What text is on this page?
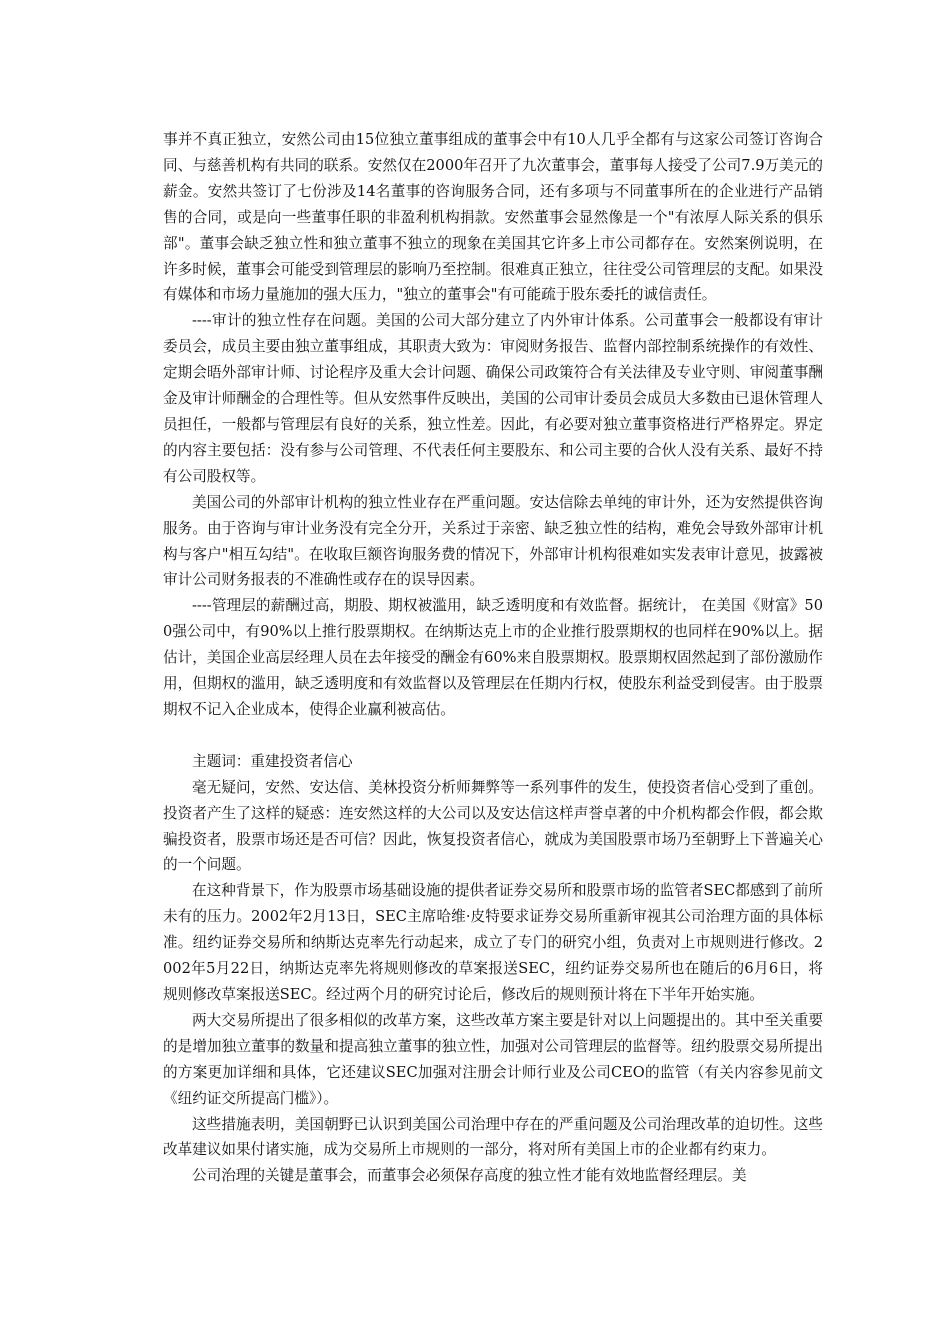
事并不真正独立，安然公司由15位独立董事组成的董事会中有10人几乎全都有与这家公司签订咨询合同、与慈善机构有共同的联系。安然仅在2000年召开了九次董事会，董事每人接受了公司7.9万美元的薪金。安然共签订了七份涉及14名董事的咨询服务合同，还有多项与不同董事所在的企业进行产品销售的合同，或是向一些董事任职的非盈利机构捐款。安然董事会显然像是一个"有浓厚人际关系的俱乐部"。董事会缺乏独立性和独立董事不独立的现象在美国其它许多上市公司都存在。安然案例说明，在许多时候，董事会可能受到管理层的影响乃至控制。很难真正独立，往往受公司管理层的支配。如果没有媒体和市场力量施加的强大压力，"独立的董事会"有可能疏于股东委托的诚信责任。

----审计的独立性存在问题。美国的公司大部分建立了内外审计体系。公司董事会一般都设有审计委员会，成员主要由独立董事组成，其职责大致为：审阅财务报告、监督内部控制系统操作的有效性、定期会晤外部审计师、讨论程序及重大会计问题、确保公司政策符合有关法律及专业守则、审阅董事酬金及审计师酬金的合理性等。但从安然事件反映出，美国的公司审计委员会成员大多数由已退休管理人员担任，一般都与管理层有良好的关系，独立性差。因此，有必要对独立董事资格进行严格界定。界定的内容主要包括：没有参与公司管理、不代表任何主要股东、和公司主要的合伙人没有关系、最好不持有公司股权等。

美国公司的外部审计机构的独立性业存在严重问题。安达信除去单纯的审计外，还为安然提供咨询服务。由于咨询与审计业务没有完全分开，关系过于亲密、缺乏独立性的结构，难免会导致外部审计机构与客户"相互勾结"。在收取巨额咨询服务费的情况下，外部审计机构很难如实发表审计意见，披露被审计公司财务报表的不准确性或存在的误导因素。

----管理层的薪酬过高，期股、期权被滥用，缺乏透明度和有效监督。据统计， 在美国《财富》500强公司中，有90%以上推行股票期权。在纳斯达克上市的企业推行股票期权的也同样在90%以上。据估计，美国企业高层经理人员在去年接受的酬金有60%来自股票期权。股票期权固然起到了部份激励作用，但期权的滥用，缺乏透明度和有效监督以及管理层在任期内行权，使股东利益受到侵害。由于股票期权不记入企业成本，使得企业赢利被高估。

主题词：重建投资者信心

毫无疑问，安然、安达信、美林投资分析师舞弊等一系列事件的发生，使投资者信心受到了重创。投资者产生了这样的疑惑：连安然这样的大公司以及安达信这样声誉卓著的中介机构都会作假，都会欺骗投资者，股票市场还是否可信？因此，恢复投资者信心，就成为美国股票市场乃至朝野上下普遍关心的一个问题。

在这种背景下，作为股票市场基础设施的提供者证券交易所和股票市场的监管者SEC都感到了前所未有的压力。2002年2月13日，SEC主席哈维·皮特要求证券交易所重新审视其公司治理方面的具体标准。纽约证券交易所和纳斯达克率先行动起来，成立了专门的研究小组，负责对上市规则进行修改。2002年5月22日，纳斯达克率先将规则修改的草案报送SEC，纽约证券交易所也在随后的6月6日，将规则修改草案报送SEC。经过两个月的研究讨论后，修改后的规则预计将在下半年开始实施。

两大交易所提出了很多相似的改革方案，这些改革方案主要是针对以上问题提出的。其中至关重要的是增加独立董事的数量和提高独立董事的独立性，加强对公司管理层的监督等。纽约股票交易所提出的方案更加详细和具体，它还建议SEC加强对注册会计师行业及公司CEO的监管（有关内容参见前文《纽约证交所提高门槛》）。

这些措施表明，美国朝野已认识到美国公司治理中存在的严重问题及公司治理改革的迫切性。这些改革建议如果付诸实施，成为交易所上市规则的一部分，将对所有美国上市的企业都有约束力。

公司治理的关键是董事会，而董事会必须保存高度的独立性才能有效地监督经理层。美
